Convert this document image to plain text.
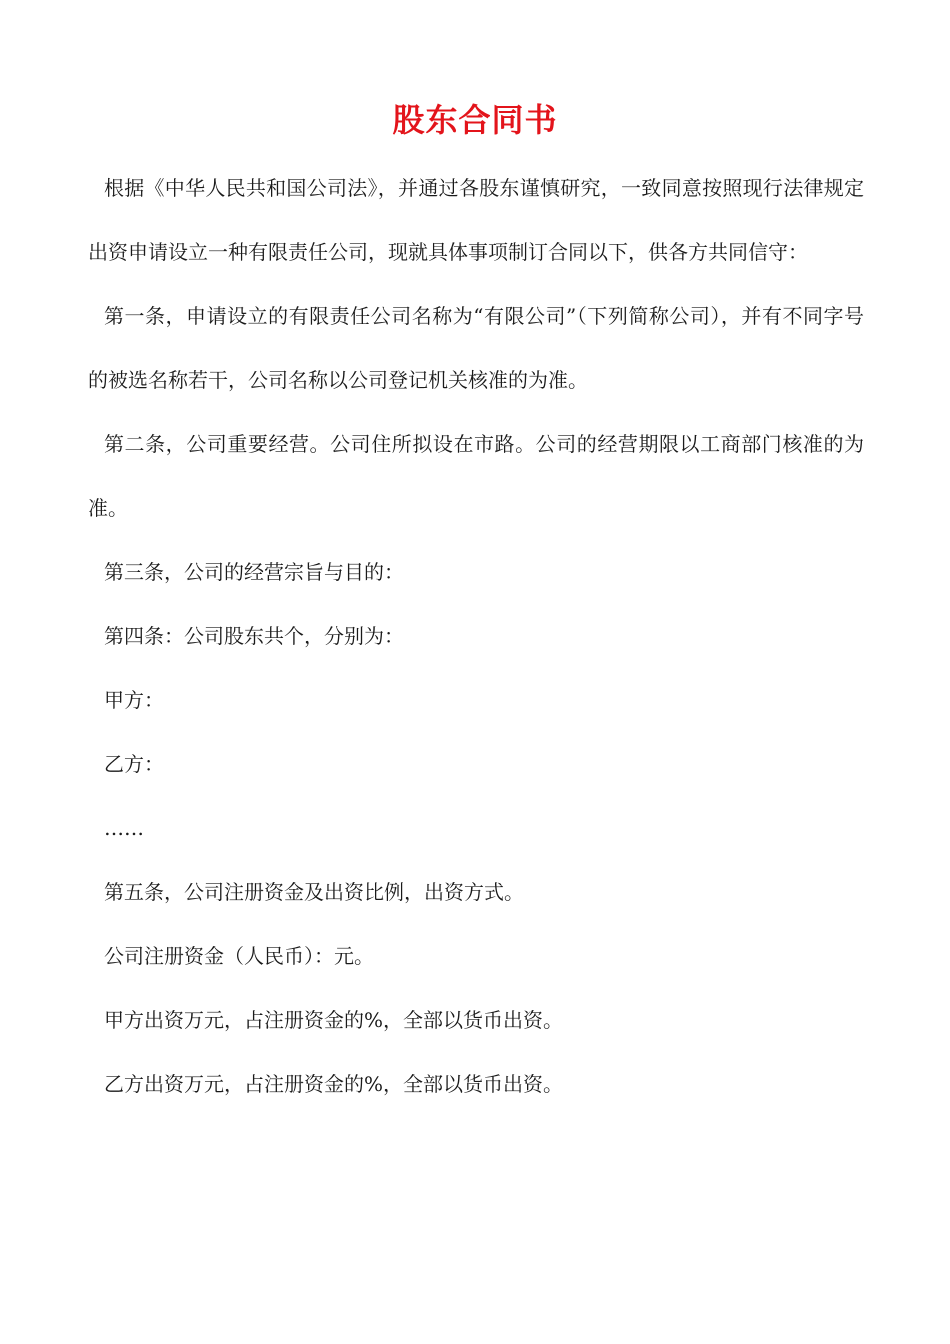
股东合同书

根据《中华人民共和国公司法》，并通过各股东谨慎研究，一致同意按照现行法律规定出资申请设立一种有限责任公司，现就具体事项制订合同以下，供各方共同信守：

第一条，申请设立的有限责任公司名称为“有限公司”（下列简称公司），并有不同字号的被选名称若干，公司名称以公司登记机关核准的为准。

第二条，公司重要经营。公司住所拟设在市路。公司的经营期限以工商部门核准的为准。

第三条，公司的经营宗旨与目的：

第四条：公司股东共个，分别为：

甲方：

乙方：

……

第五条，公司注册资金及出资比例，出资方式。

公司注册资金（人民币）：元。

甲方出资万元，占注册资金的%，全部以货币出资。

乙方出资万元，占注册资金的%，全部以货币出资。
